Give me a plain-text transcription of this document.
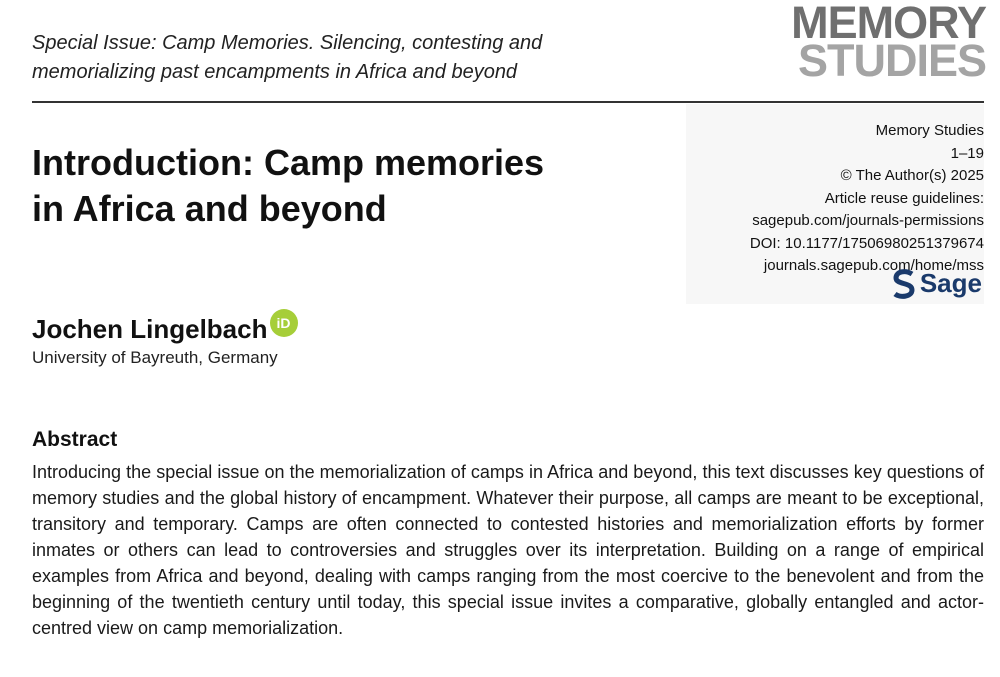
Special Issue: Camp Memories. Silencing, contesting and
memorializing past encampments in Africa and beyond
MEMORY
STUDIES
Memory Studies
1–19
© The Author(s) 2025
Article reuse guidelines:
sagepub.com/journals-permissions
DOI: 10.1177/17506980251379674
journals.sagepub.com/home/mss
Sage
Introduction: Camp memories
in Africa and beyond
Jochen Lingelbach iD
University of Bayreuth, Germany
Abstract

Introducing the special issue on the memorialization of camps in Africa and beyond, this text discusses key questions of memory studies and the global history of encampment. Whatever their purpose, all camps are meant to be exceptional, transitory and temporary. Camps are often connected to contested histories and memorialization efforts by former inmates or others can lead to controversies and struggles over its interpretation. Building on a range of empirical examples from Africa and beyond, dealing with camps ranging from the most coercive to the benevolent and from the beginning of the twentieth century until today, this special issue invites a comparative, globally entangled and actor-centred view on camp memorialization.
